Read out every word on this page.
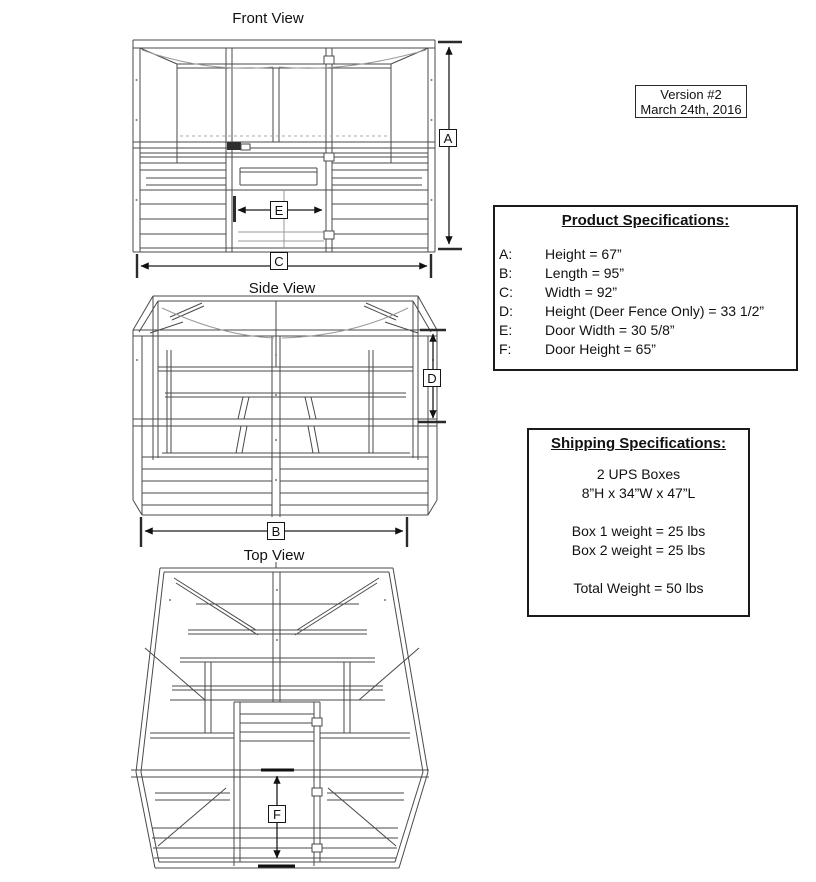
Front View
A
C
E
Side View
D
B
Top View
F
Version #2
March 24th, 2016
Product Specifications:
A: Height = 67”
B: Length = 95”
C: Width = 92”
D: Height (Deer Fence Only) = 33 1/2”
E: Door Width = 30 5/8”
F: Door Height = 65”
Shipping Specifications:
2 UPS Boxes
8”H x 34”W x 47”L
Box 1 weight = 25 lbs
Box 2 weight = 25 lbs
Total Weight = 50 lbs
